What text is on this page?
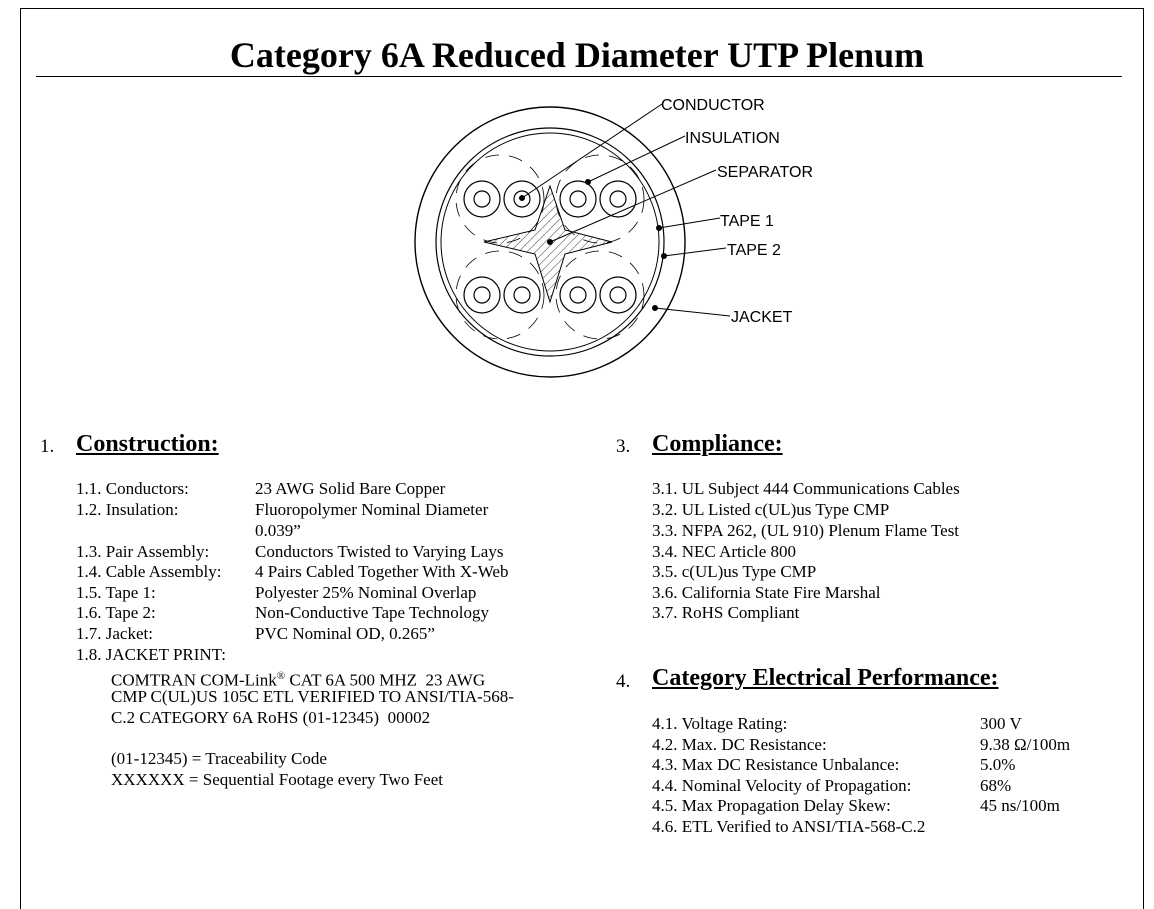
Category 6A Reduced Diameter UTP Plenum
CONDUCTOR
INSULATION
SEPARATOR
TAPE 1
TAPE 2
JACKET
1. Construction:
1.1. Conductors:	23 AWG Solid Bare Copper
1.2. Insulation:	Fluoropolymer Nominal Diameter
0.039”
1.3. Pair Assembly:	Conductors Twisted to Varying Lays
1.4. Cable Assembly: 4 Pairs Cabled Together With X-Web
1.5. Tape 1:	Polyester 25% Nominal Overlap
1.6. Tape 2:	Non-Conductive Tape Technology
1.7. Jacket:	PVC Nominal OD, 0.265”
1.8. JACKET PRINT:
COMTRAN COM-Link® CAT 6A 500 MHZ  23 AWG
CMP C(UL)US 105C ETL VERIFIED TO ANSI/TIA-568-
C.2 CATEGORY 6A RoHS (01-12345)  00002
(01-12345) = Traceability Code
XXXXXX = Sequential Footage every Two Feet
3. Compliance:
3.1. UL Subject 444 Communications Cables
3.2. UL Listed c(UL)us Type CMP
3.3. NFPA 262, (UL 910) Plenum Flame Test
3.4. NEC Article 800
3.5. c(UL)us Type CMP
3.6. California State Fire Marshal
3.7. RoHS Compliant
4. Category Electrical Performance:
4.1. Voltage Rating:	300 V
4.2. Max. DC Resistance:	9.38 Ω/100m
4.3. Max DC Resistance Unbalance:	5.0%
4.4. Nominal Velocity of Propagation:	68%
4.5. Max Propagation Delay Skew:	45 ns/100m
4.6. ETL Verified to ANSI/TIA-568-C.2
